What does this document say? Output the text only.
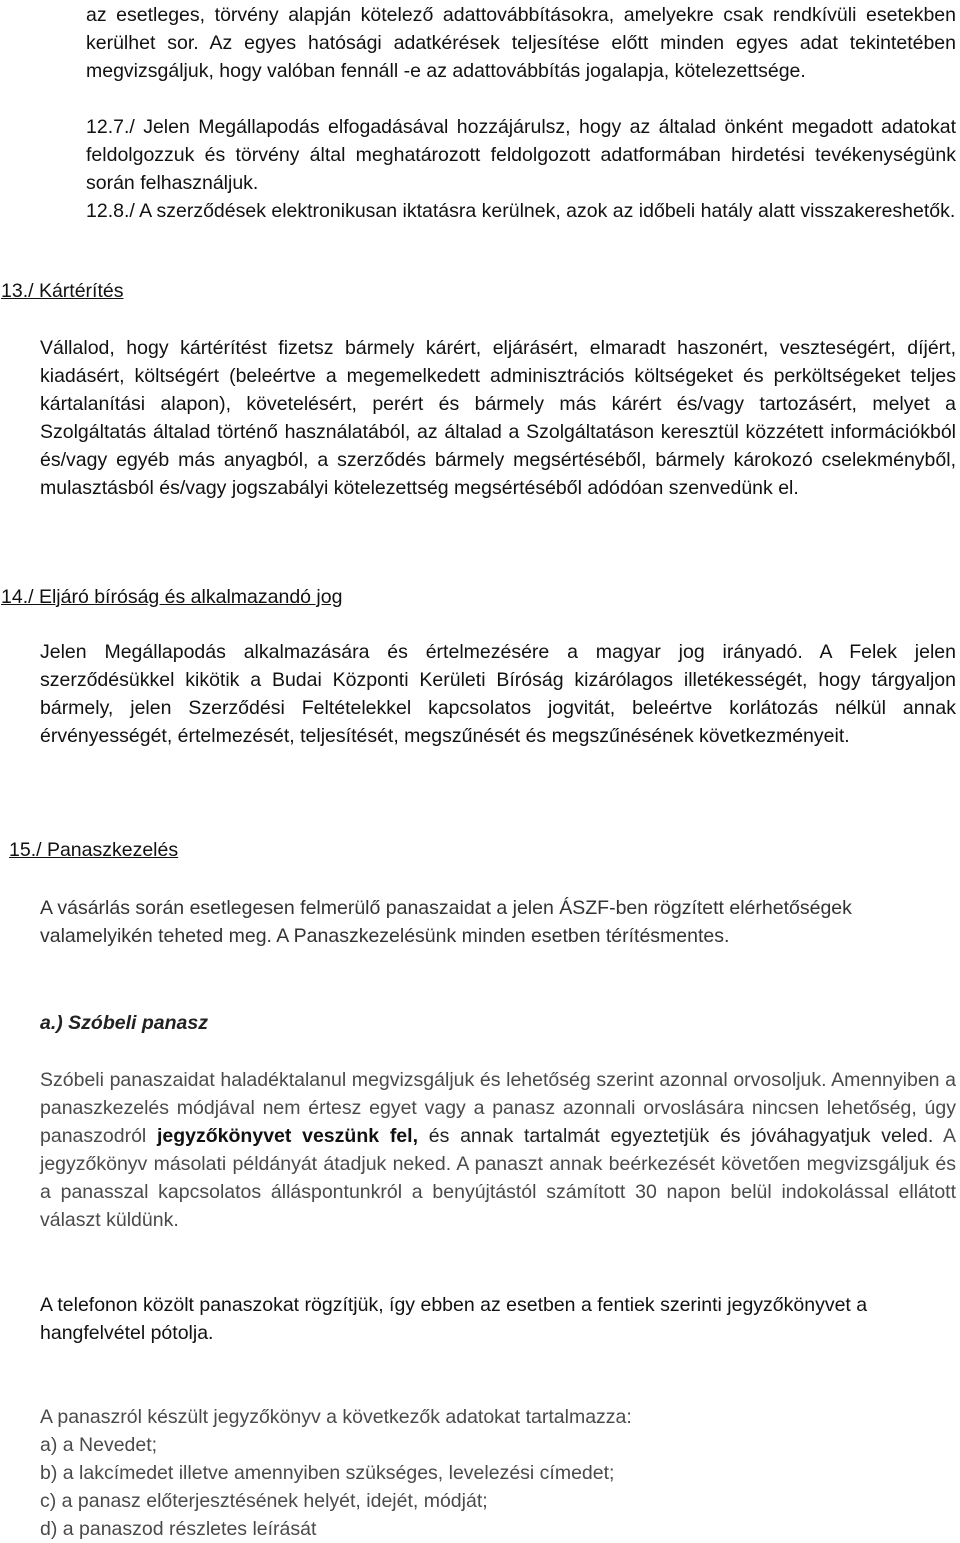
az esetleges, törvény alapján kötelező adattovábbításokra, amelyekre csak rendkívüli esetekben kerülhet sor. Az egyes hatósági adatkérések teljesítése előtt minden egyes adat tekintetében megvizsgáljuk, hogy valóban fennáll -e az adattovábbítás jogalapja, kötelezettsége.

12.7./ Jelen Megállapodás elfogadásával hozzájárulsz, hogy az általad önként megadott adatokat feldolgozzuk és törvény által meghatározott feldolgozott adatformában hirdetési tevékenységünk során felhasználjuk.

12.8./ A szerződések elektronikusan iktatásra kerülnek, azok az időbeli hatály alatt visszakereshetők.

13./ Kártérítés

Vállalod, hogy kártérítést fizetsz bármely kárért, eljárásért, elmaradt haszonért, veszteségért, díjért, kiadásért, költségért (beleértve a megemelkedett adminisztrációs költségeket és perköltségeket teljes kártalanítási alapon), követelésért, perért és bármely más kárért és/vagy tartozásért, melyet a Szolgáltatás általad történő használatából, az általad a Szolgáltatáson keresztül közzétett információkból és/vagy egyéb más anyagból, a szerződés bármely megsértéséből, bármely károkozó cselekményből, mulasztásból és/vagy jogszabályi kötelezettség megsértéséből adódóan szenvedünk el.

14./ Eljáró bíróság és alkalmazandó jog

Jelen Megállapodás alkalmazására és értelmezésére a magyar jog irányadó. A Felek jelen szerződésükkel kikötik a Budai Központi Kerületi Bíróság kizárólagos illetékességét, hogy tárgyaljon bármely, jelen Szerződési Feltételekkel kapcsolatos jogvitát, beleértve korlátozás nélkül annak érvényességét, értelmezését, teljesítését, megszűnését és megszűnésének következményeit.

15./ Panaszkezelés

A vásárlás során esetlegesen felmerülő panaszaidat a jelen ÁSZF-ben rögzített elérhetőségek valamelyikén teheted meg. A Panaszkezelésünk minden esetben térítésmentes.

a.) Szóbeli panasz

Szóbeli panaszaidat haladéktalanul megvizsgáljuk és lehetőség szerint azonnal orvosoljuk. Amennyiben a panaszkezelés módjával nem értesz egyet vagy a panasz azonnali orvoslására nincsen lehetőség, úgy panaszodról jegyzőkönyvet veszünk fel, és annak tartalmát egyeztetjük és jóváhagyatjuk veled. A jegyzőkönyv másolati példányát átadjuk neked. A panaszt annak beérkezését követően megvizsgáljuk és a panasszal kapcsolatos álláspontunkról a benyújtástól számított 30 napon belül indokolással ellátott választ küldünk.

A telefonon közölt panaszokat rögzítjük, így ebben az esetben a fentiek szerinti jegyzőkönyvet a hangfelvétel pótolja.

A panaszról készült jegyzőkönyv a következők adatokat tartalmazza:

a) a Nevedet;
b) a lakcímedet illetve amennyiben szükséges, levelezési címedet;
c) a panasz előterjesztésének helyét, idejét, módját;
d) a panaszod részletes leírását
